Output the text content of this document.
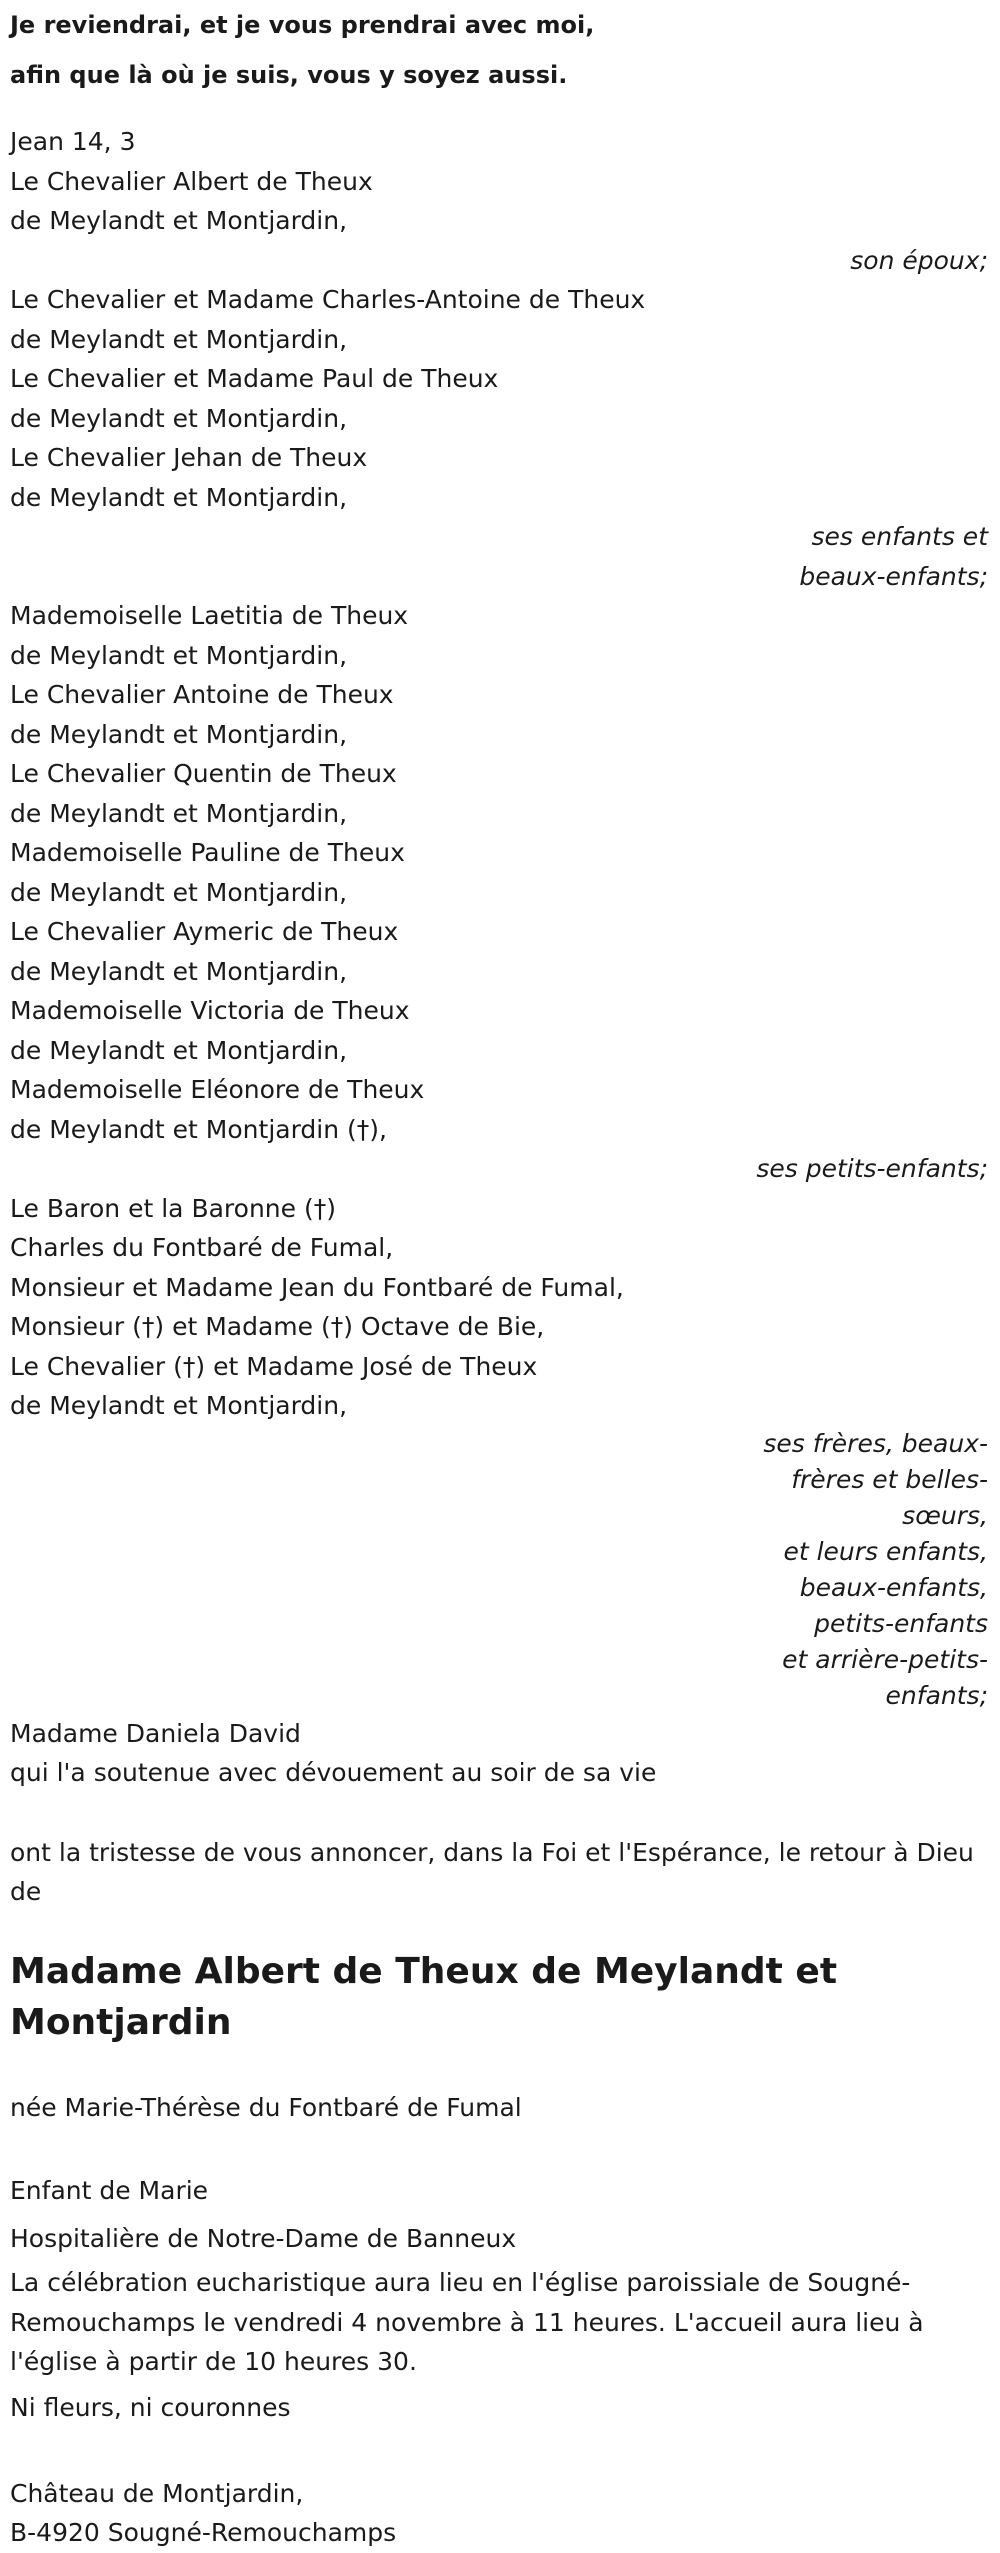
Je reviendrai, et je vous prendrai avec moi,
afin que là où je suis, vous y soyez aussi.
Jean 14, 3
Le Chevalier Albert de Theux
de Meylandt et Montjardin,
son époux;
Le Chevalier et Madame Charles-Antoine de Theux
de Meylandt et Montjardin,
Le Chevalier et Madame Paul de Theux
de Meylandt et Montjardin,
Le Chevalier Jehan de Theux
de Meylandt et Montjardin,
ses enfants et
beaux-enfants;
Mademoiselle Laetitia de Theux
de Meylandt et Montjardin,
Le Chevalier Antoine de Theux
de Meylandt et Montjardin,
Le Chevalier Quentin de Theux
de Meylandt et Montjardin,
Mademoiselle Pauline de Theux
de Meylandt et Montjardin,
Le Chevalier Aymeric de Theux
de Meylandt et Montjardin,
Mademoiselle Victoria de Theux
de Meylandt et Montjardin,
Mademoiselle Eléonore de Theux
de Meylandt et Montjardin (†),
ses petits-enfants;
Le Baron et la Baronne (†)
Charles du Fontbaré de Fumal,
Monsieur et Madame Jean du Fontbaré de Fumal,
Monsieur (†) et Madame (†) Octave de Bie,
Le Chevalier (†) et Madame José de Theux
de Meylandt et Montjardin,
ses frères, beaux-
frères et belles-
sœurs,
et leurs enfants,
beaux-enfants,
petits-enfants
et arrière-petits-
enfants;
Madame Daniela David
qui l'a soutenue avec dévouement au soir de sa vie
ont la tristesse de vous annoncer, dans la Foi et l'Espérance, le retour à Dieu de
Madame Albert de Theux de Meylandt et Montjardin
née Marie-Thérèse du Fontbaré de Fumal
Enfant de Marie
Hospitalière de Notre-Dame de Banneux
La célébration eucharistique aura lieu en l'église paroissiale de Sougné-Remouchamps le vendredi 4 novembre à 11 heures. L'accueil aura lieu à l'église à partir de 10 heures 30.
Ni fleurs, ni couronnes
Château de Montjardin,
B-4920 Sougné-Remouchamps
